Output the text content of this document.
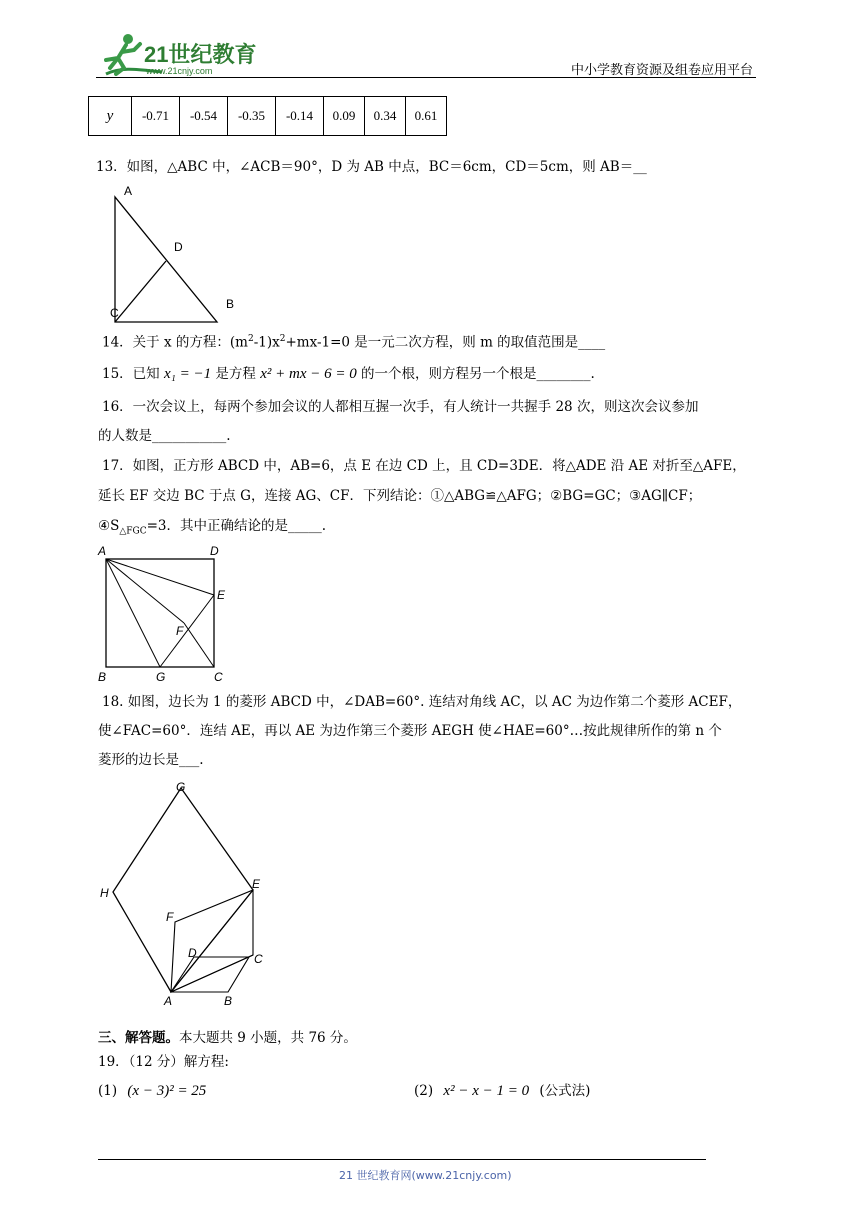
21世纪教育
www.21cnjy.com	中小学教育资源及组卷应用平台
y	-0.71	-0.54	-0.35	-0.14	0.09	0.34	0.61
13．如图，△ABC 中，∠ACB＝90°，D 为 AB 中点，BC＝6cm，CD＝5cm，则 AB＝__
A
D
C
B
14．关于 x 的方程：$(m^2-1)x^2+mx-1=0$ 是一元二次方程，则 m 的取值范围是____
15．已知 x₁ = −1 是方程 x² + mx − 6 = 0 的一个根，则方程另一个根是________.
16．一次会议上，每两个参加会议的人都相互握一次手，有人统计一共握手 28 次，则这次会议参加
的人数是___________.
17．如图，正方形 ABCD 中，AB=6，点 E 在边 CD 上，且 CD=3DE．将△ADE 沿 AE 对折至△AFE，
延长 EF 交边 BC 于点 G，连接 AG、CF．下列结论：①△ABG≌△AFG；②BG=GC；③AG∥CF；
$④S_{\triangle FGC}=3$．其中正确结论的是_____.
A	D
E
F
B	G	C
18. 如图，边长为 1 的菱形 ABCD 中，∠DAB=60°. 连结对角线 AC，以 AC 为边作第二个菱形 ACEF，
使∠FAC=60°．连结 AE，再以 AE 为边作第三个菱形 AEGH 使∠HAE=60°…按此规律所作的第 n 个
菱形的边长是___.
G
H
E
F
D	C
A	B
三、解答题。本大题共 9 小题，共 76 分。
19．（12 分）解方程:
(1) (x − 3)² = 25	(2) x² − x − 1 = 0 (公式法)
21 世纪教育网(www.21cnjy.com)
